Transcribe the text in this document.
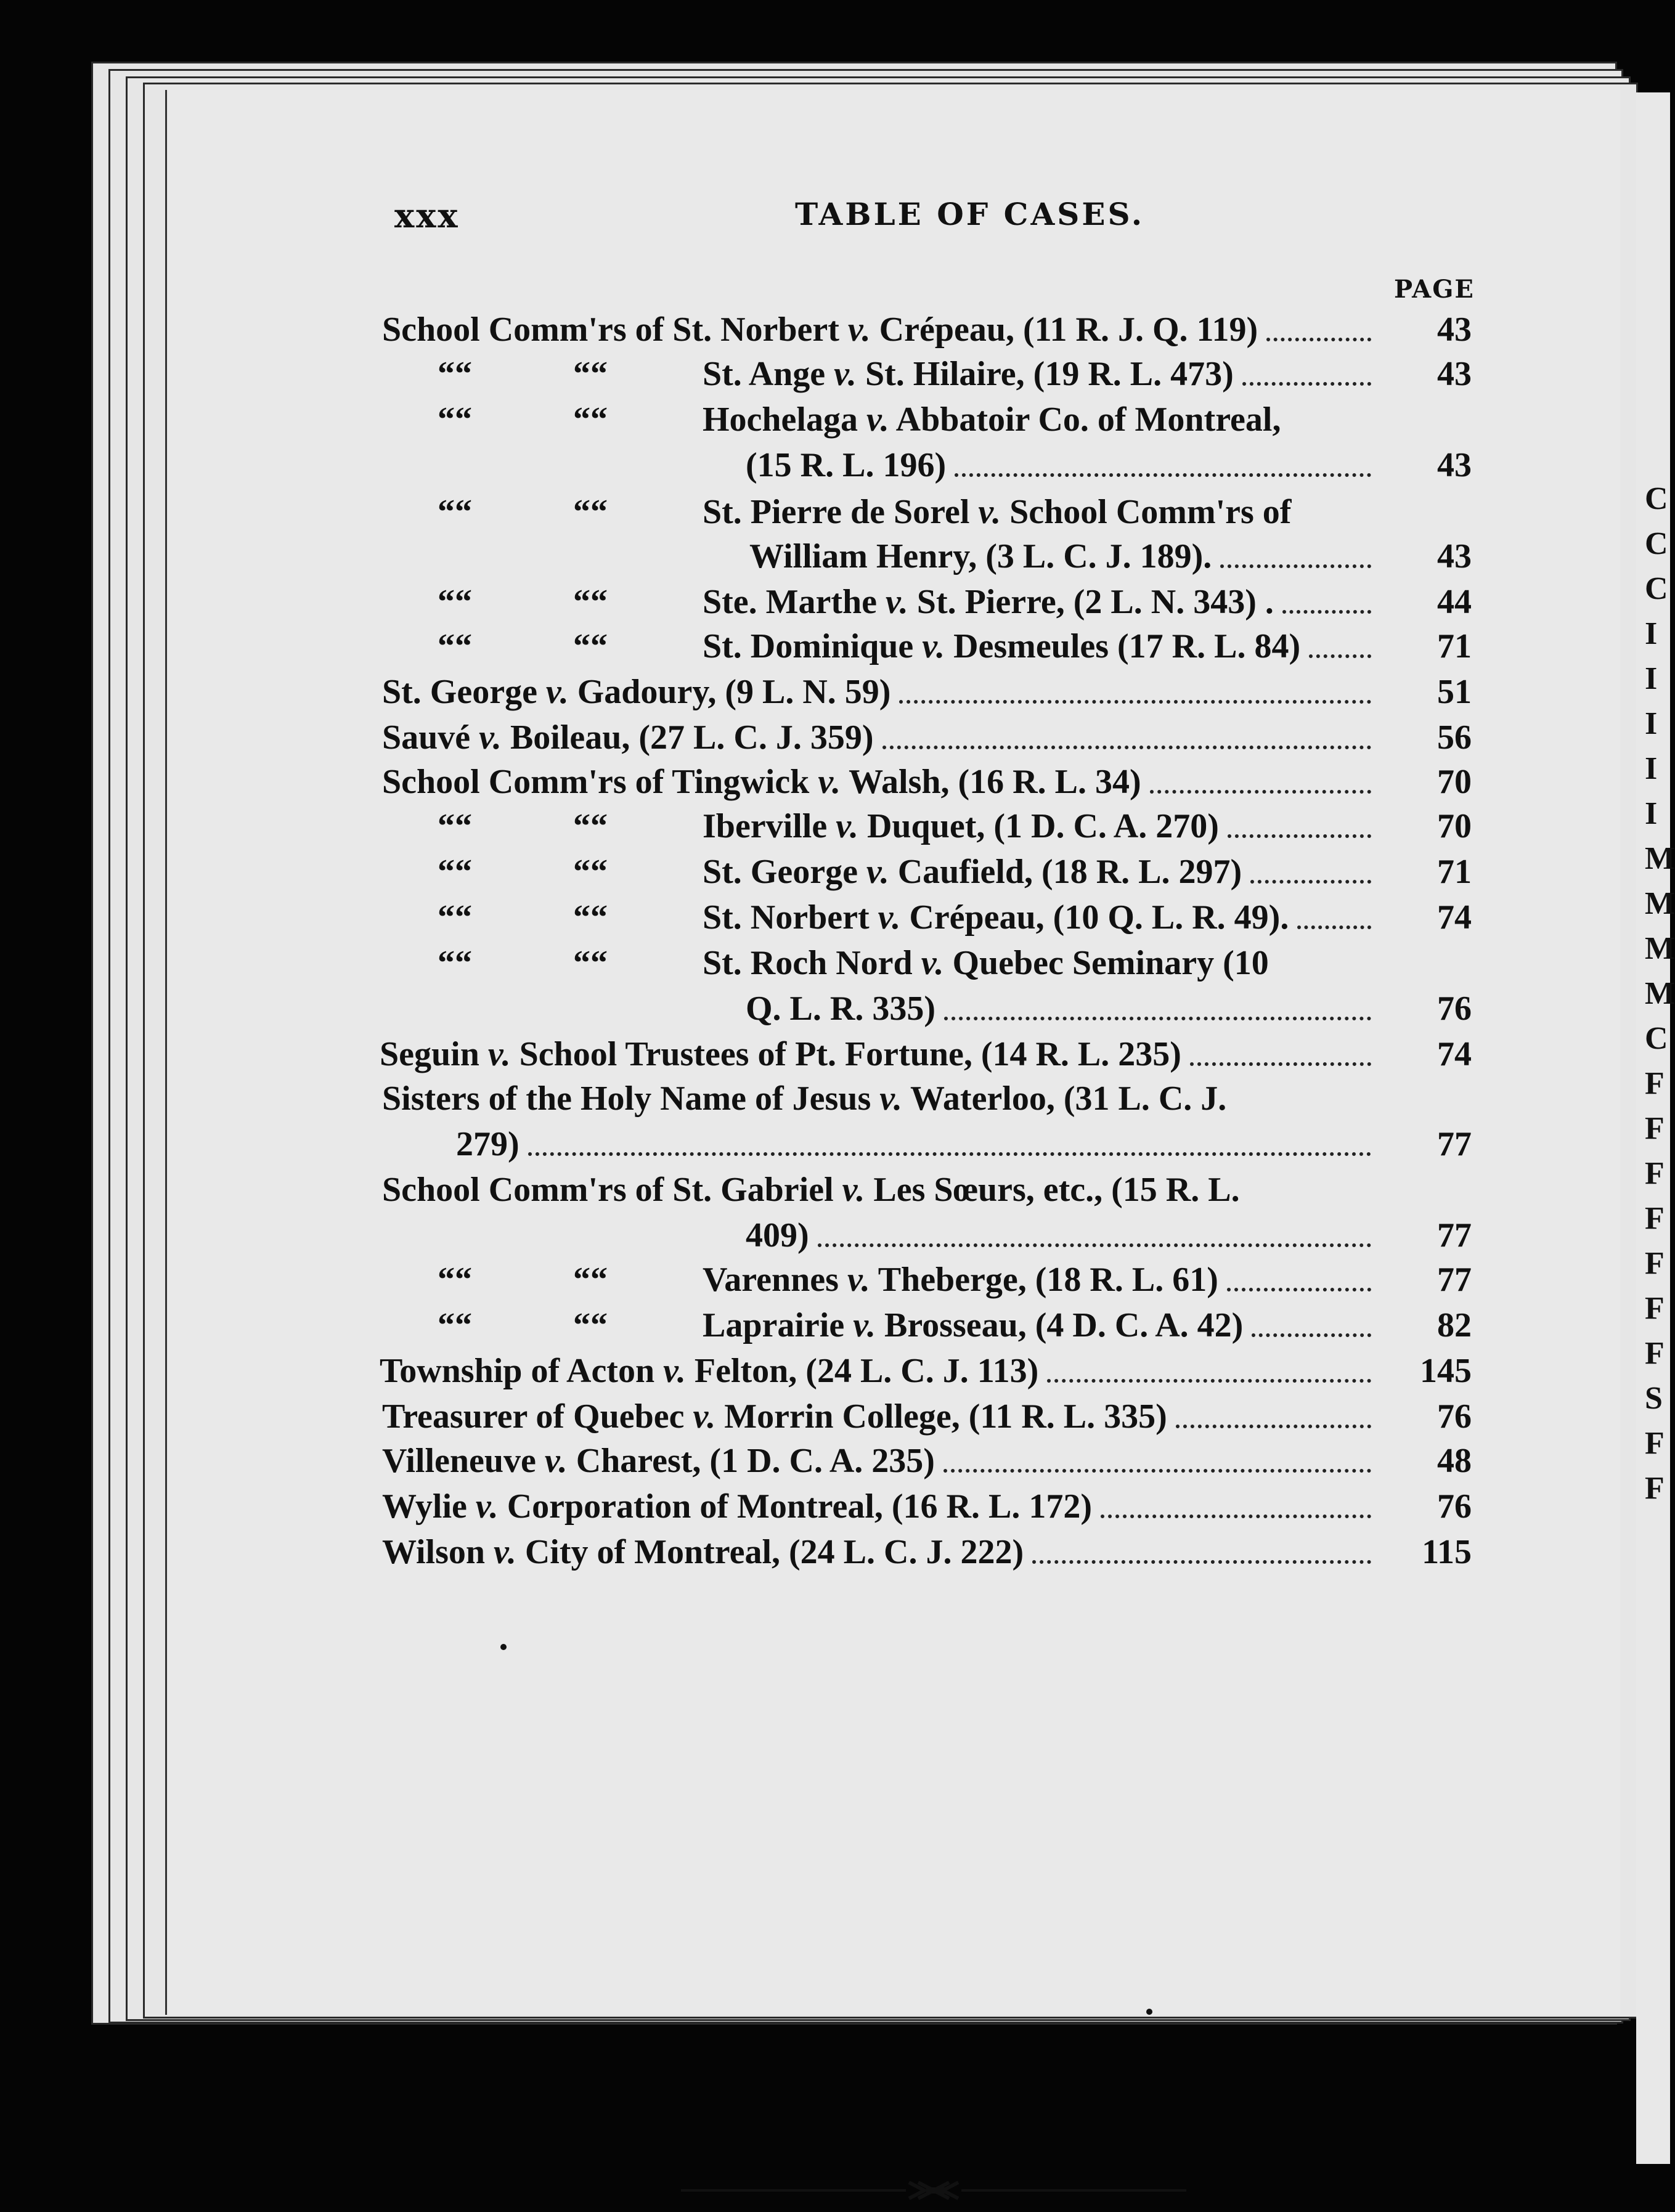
C
C
C
I
I
I
I
I
M
M
M
M
C
F
F
F
F
F
F
F
S
F
F
xxx	TABLE OF CASES.
PAGE
School Comm'rs of St. Norbert v. Crépeau, (11 R. J. Q. 119)	43
““	““	St. Ange v. St. Hilaire, (19 R. L. 473)	43
““	““	Hochelaga v. Abbatoir Co. of Montreal,
(15 R. L. 196)	43
““	““	St. Pierre de Sorel v. School Comm'rs of
William Henry, (3 L. C. J. 189).	43
““	““	Ste. Marthe v. St. Pierre, (2 L. N. 343) .	44
““	““	St. Dominique v. Desmeules (17 R. L. 84)	71
St. George v. Gadoury, (9 L. N. 59)	51
Sauvé v. Boileau, (27 L. C. J. 359)	56
School Comm'rs of Tingwick v. Walsh, (16 R. L. 34)	70
““	““	Iberville v. Duquet, (1 D. C. A. 270)	70
““	““	St. George v. Caufield, (18 R. L. 297)	71
““	““	St. Norbert v. Crépeau, (10 Q. L. R. 49).	74
““	““	St. Roch Nord v. Quebec Seminary (10
Q. L. R. 335)	76
Seguin v. School Trustees of Pt. Fortune, (14 R. L. 235)	74
Sisters of the Holy Name of Jesus v. Waterloo, (31 L. C. J.
279)	77
School Comm'rs of St. Gabriel v. Les Sœurs, etc., (15 R. L.
409)	77
““	““	Varennes v. Theberge, (18 R. L. 61)	77
““	““	Laprairie v. Brosseau, (4 D. C. A. 42)	82
Township of Acton v. Felton, (24 L. C. J. 113)	145
Treasurer of Quebec v. Morrin College, (11 R. L. 335)	76
Villeneuve v. Charest, (1 D. C. A. 235)	48
Wylie v. Corporation of Montreal, (16 R. L. 172)	76
Wilson v. City of Montreal, (24 L. C. J. 222)	115
